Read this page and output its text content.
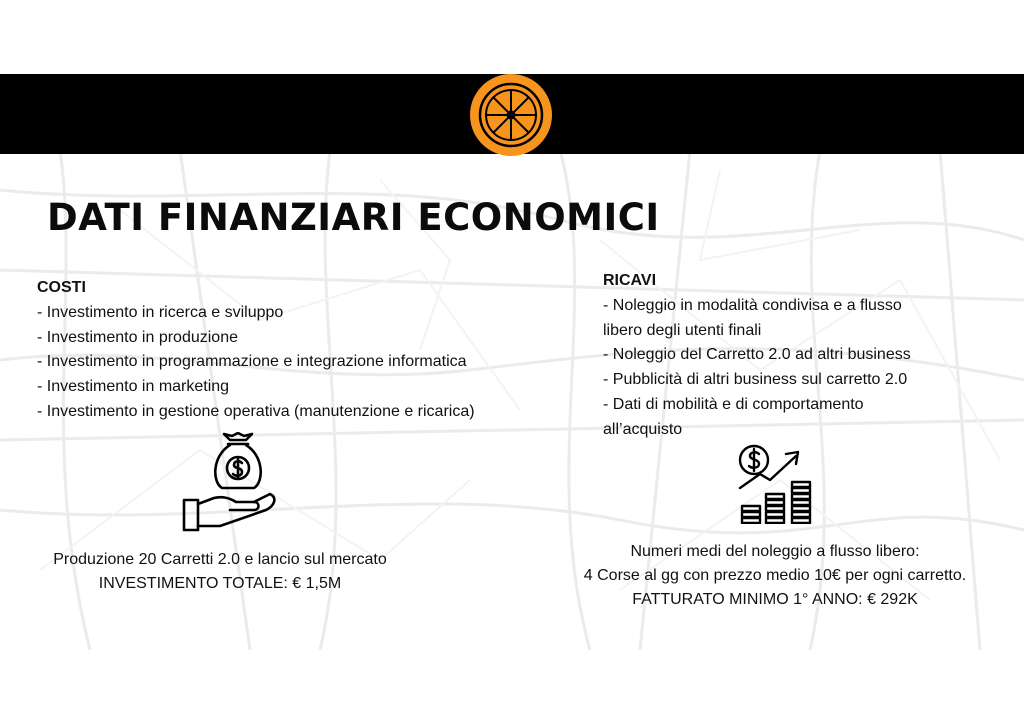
DATI FINANZIARI ECONOMICI
COSTI
- Investimento in ricerca e sviluppo
- Investimento in produzione
- Investimento in programmazione e integrazione informatica
- Investimento in marketing
- Investimento in gestione operativa (manutenzione e ricarica)
RICAVI
- Noleggio in modalità condivisa e a flusso libero degli utenti finali
- Noleggio del Carretto 2.0 ad altri business
- Pubblicità di altri business sul carretto 2.0
- Dati di mobilità e di comportamento all’acquisto

Produzione 20 Carretti 2.0 e lancio sul mercato

INVESTIMENTO TOTALE: € 1,5M

Numeri medi del noleggio a flusso libero:

4 Corse al gg con prezzo medio 10€ per ogni carretto.

FATTURATO MINIMO 1° ANNO: € 292K
